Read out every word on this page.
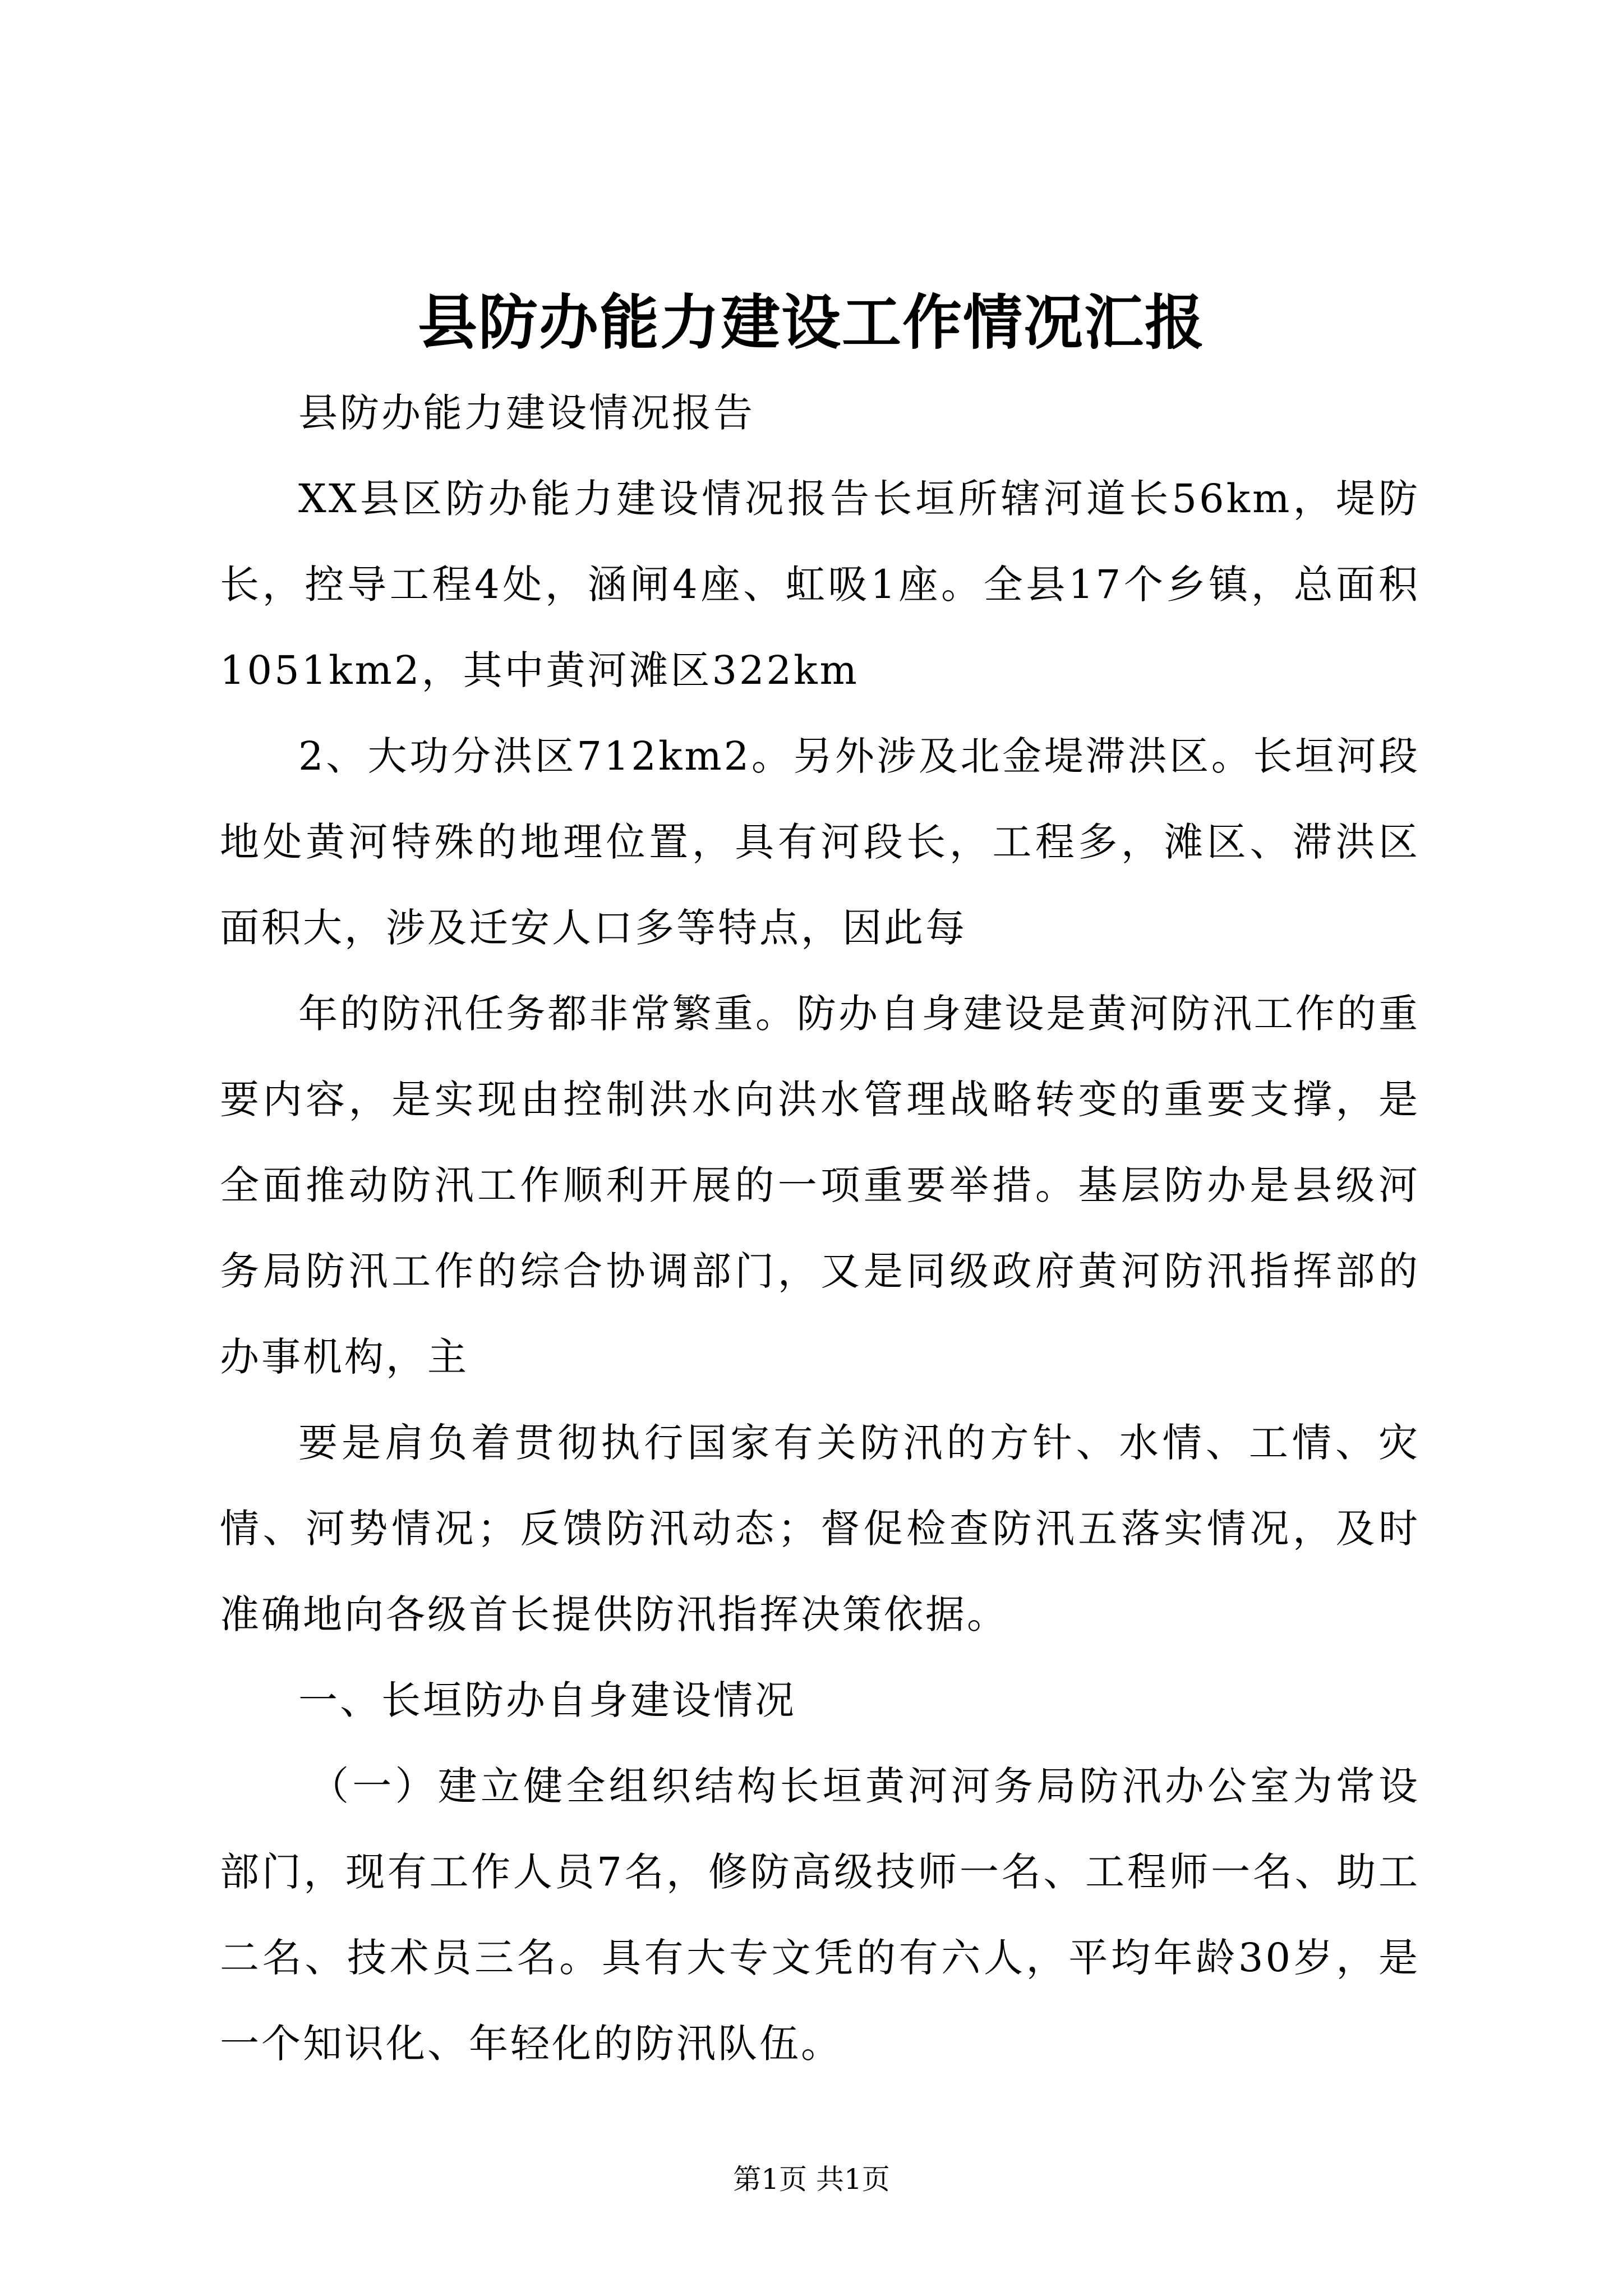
县防办能力建设工作情况汇报

县防办能力建设情况报告

XX县区防办能力建设情况报告长垣所辖河道长56km，堤防长，控导工程4处，涵闸4座、虹吸1座。全县17个乡镇，总面积1051km2，其中黄河滩区322km

2、大功分洪区712km2。另外涉及北金堤滞洪区。长垣河段地处黄河特殊的地理位置，具有河段长，工程多，滩区、滞洪区面积大，涉及迁安人口多等特点，因此每

年的防汛任务都非常繁重。防办自身建设是黄河防汛工作的重要内容，是实现由控制洪水向洪水管理战略转变的重要支撑，是全面推动防汛工作顺利开展的一项重要举措。基层防办是县级河务局防汛工作的综合协调部门，又是同级政府黄河防汛指挥部的办事机构，主

要是肩负着贯彻执行国家有关防汛的方针、水情、工情、灾情、河势情况；反馈防汛动态；督促检查防汛五落实情况，及时准确地向各级首长提供防汛指挥决策依据。

一、长垣防办自身建设情况

（一）建立健全组织结构长垣黄河河务局防汛办公室为常设部门，现有工作人员7名，修防高级技师一名、工程师一名、助工二名、技术员三名。具有大专文凭的有六人，平均年龄30岁，是一个知识化、年轻化的防汛队伍。

第1页 共1页
